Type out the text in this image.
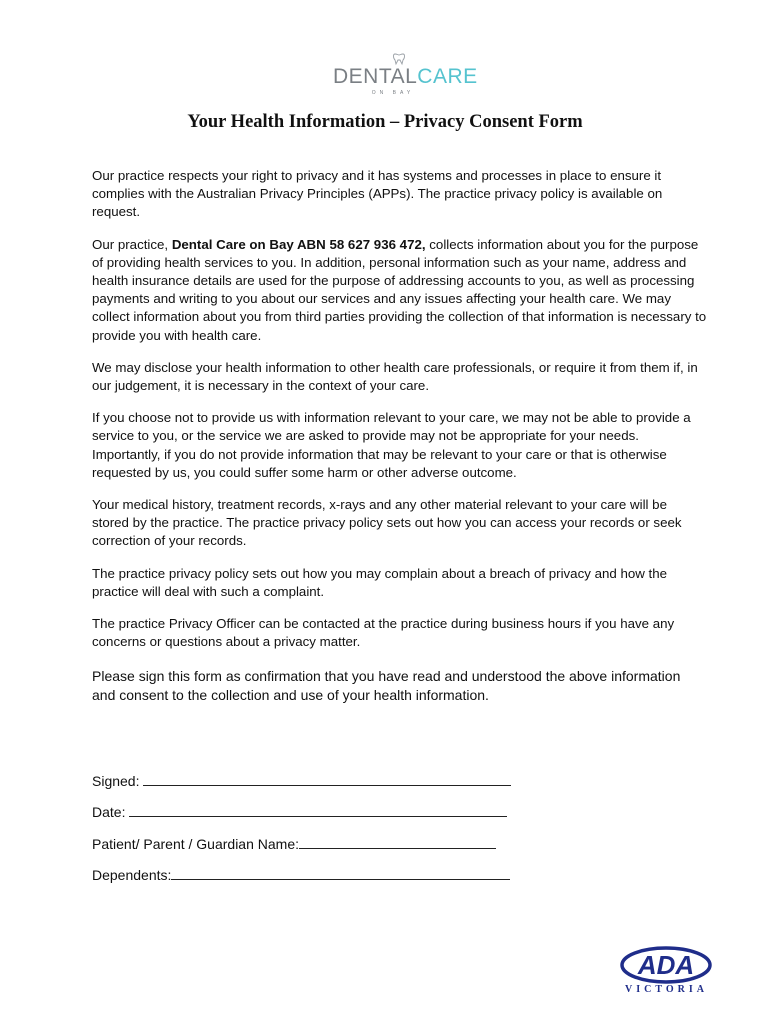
DENTALCARE
ON BAY
Your Health Information – Privacy Consent Form

Our practice respects your right to privacy and it has systems and processes in place to ensure it complies with the Australian Privacy Principles (APPs). The practice privacy policy is available on request.

Our practice, Dental Care on Bay ABN 58 627 936 472, collects information about you for the purpose of providing health services to you. In addition, personal information such as your name, address and health insurance details are used for the purpose of addressing accounts to you, as well as processing payments and writing to you about our services and any issues affecting your health care. We may collect information about you from third parties providing the collection of that information is necessary to provide you with health care.

We may disclose your health information to other health care professionals, or require it from them if, in our judgement, it is necessary in the context of your care.

If you choose not to provide us with information relevant to your care, we may not be able to provide a service to you, or the service we are asked to provide may not be appropriate for your needs. Importantly, if you do not provide information that may be relevant to your care or that is otherwise requested by us, you could suffer some harm or other adverse outcome.

Your medical history, treatment records, x-rays and any other material relevant to your care will be stored by the practice. The practice privacy policy sets out how you can access your records or seek correction of your records.

The practice privacy policy sets out how you may complain about a breach of privacy and how the practice will deal with such a complaint.

The practice Privacy Officer can be contacted at the practice during business hours if you have any concerns or questions about a privacy matter.

Please sign this form as confirmation that you have read and understood the above information and consent to the collection and use of your health information.

Signed:
Date:
Patient/ Parent / Guardian Name:
Dependents:
ADA
VICTORIA
